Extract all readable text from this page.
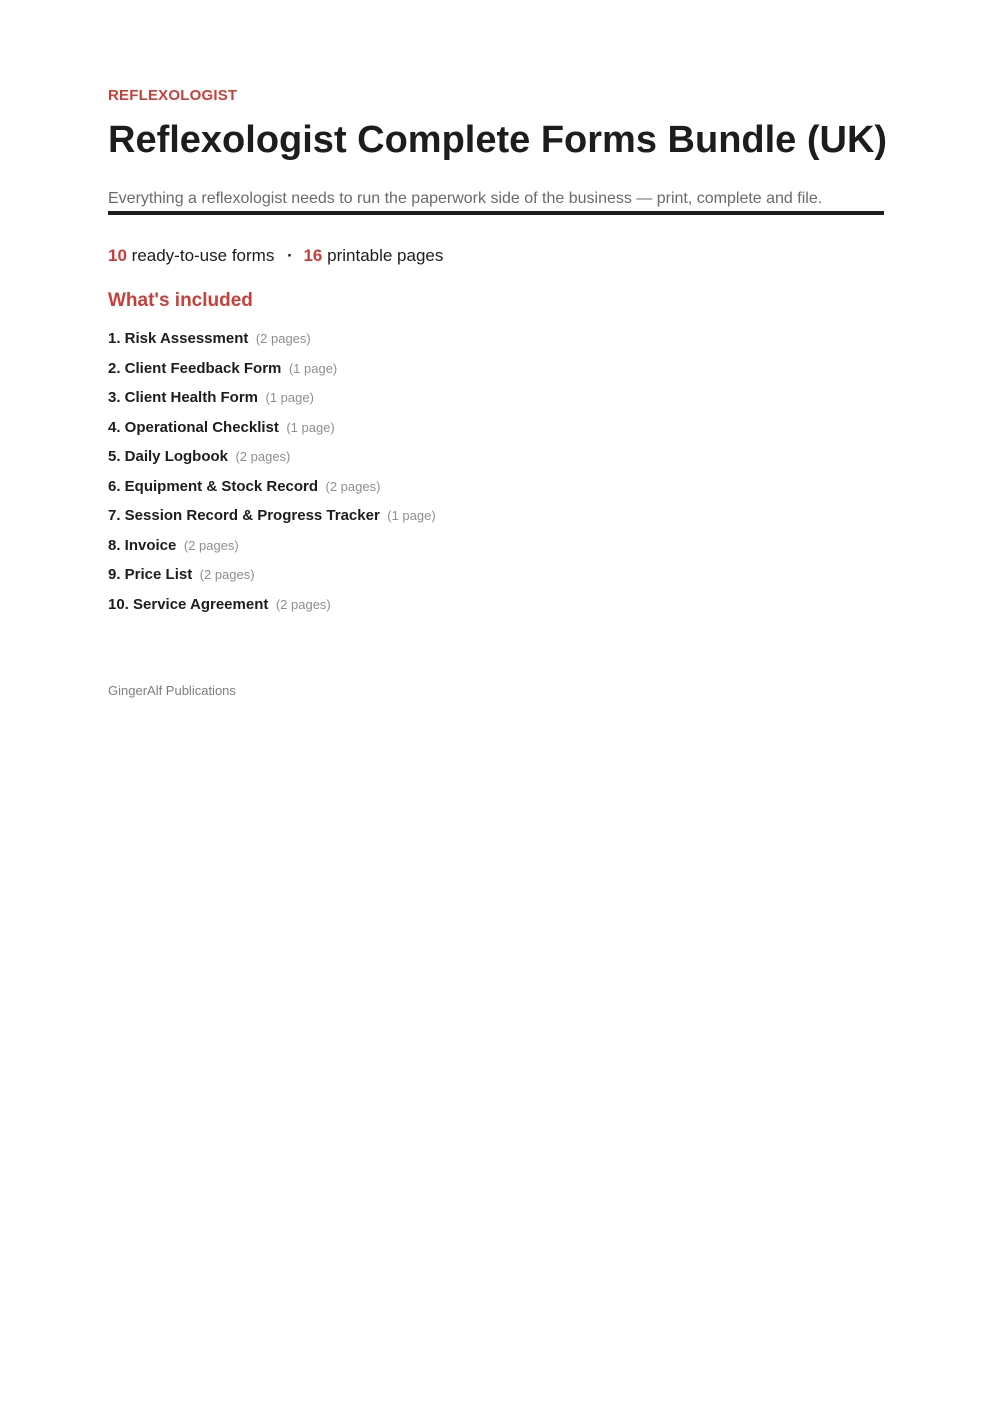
REFLEXOLOGIST
Reflexologist Complete Forms Bundle (UK)
Everything a reflexologist needs to run the paperwork side of the business — print, complete and file.
10 ready-to-use forms · 16 printable pages
What's included
1. Risk Assessment (2 pages)
2. Client Feedback Form (1 page)
3. Client Health Form (1 page)
4. Operational Checklist (1 page)
5. Daily Logbook (2 pages)
6. Equipment & Stock Record (2 pages)
7. Session Record & Progress Tracker (1 page)
8. Invoice (2 pages)
9. Price List (2 pages)
10. Service Agreement (2 pages)
GingerAlf Publications
